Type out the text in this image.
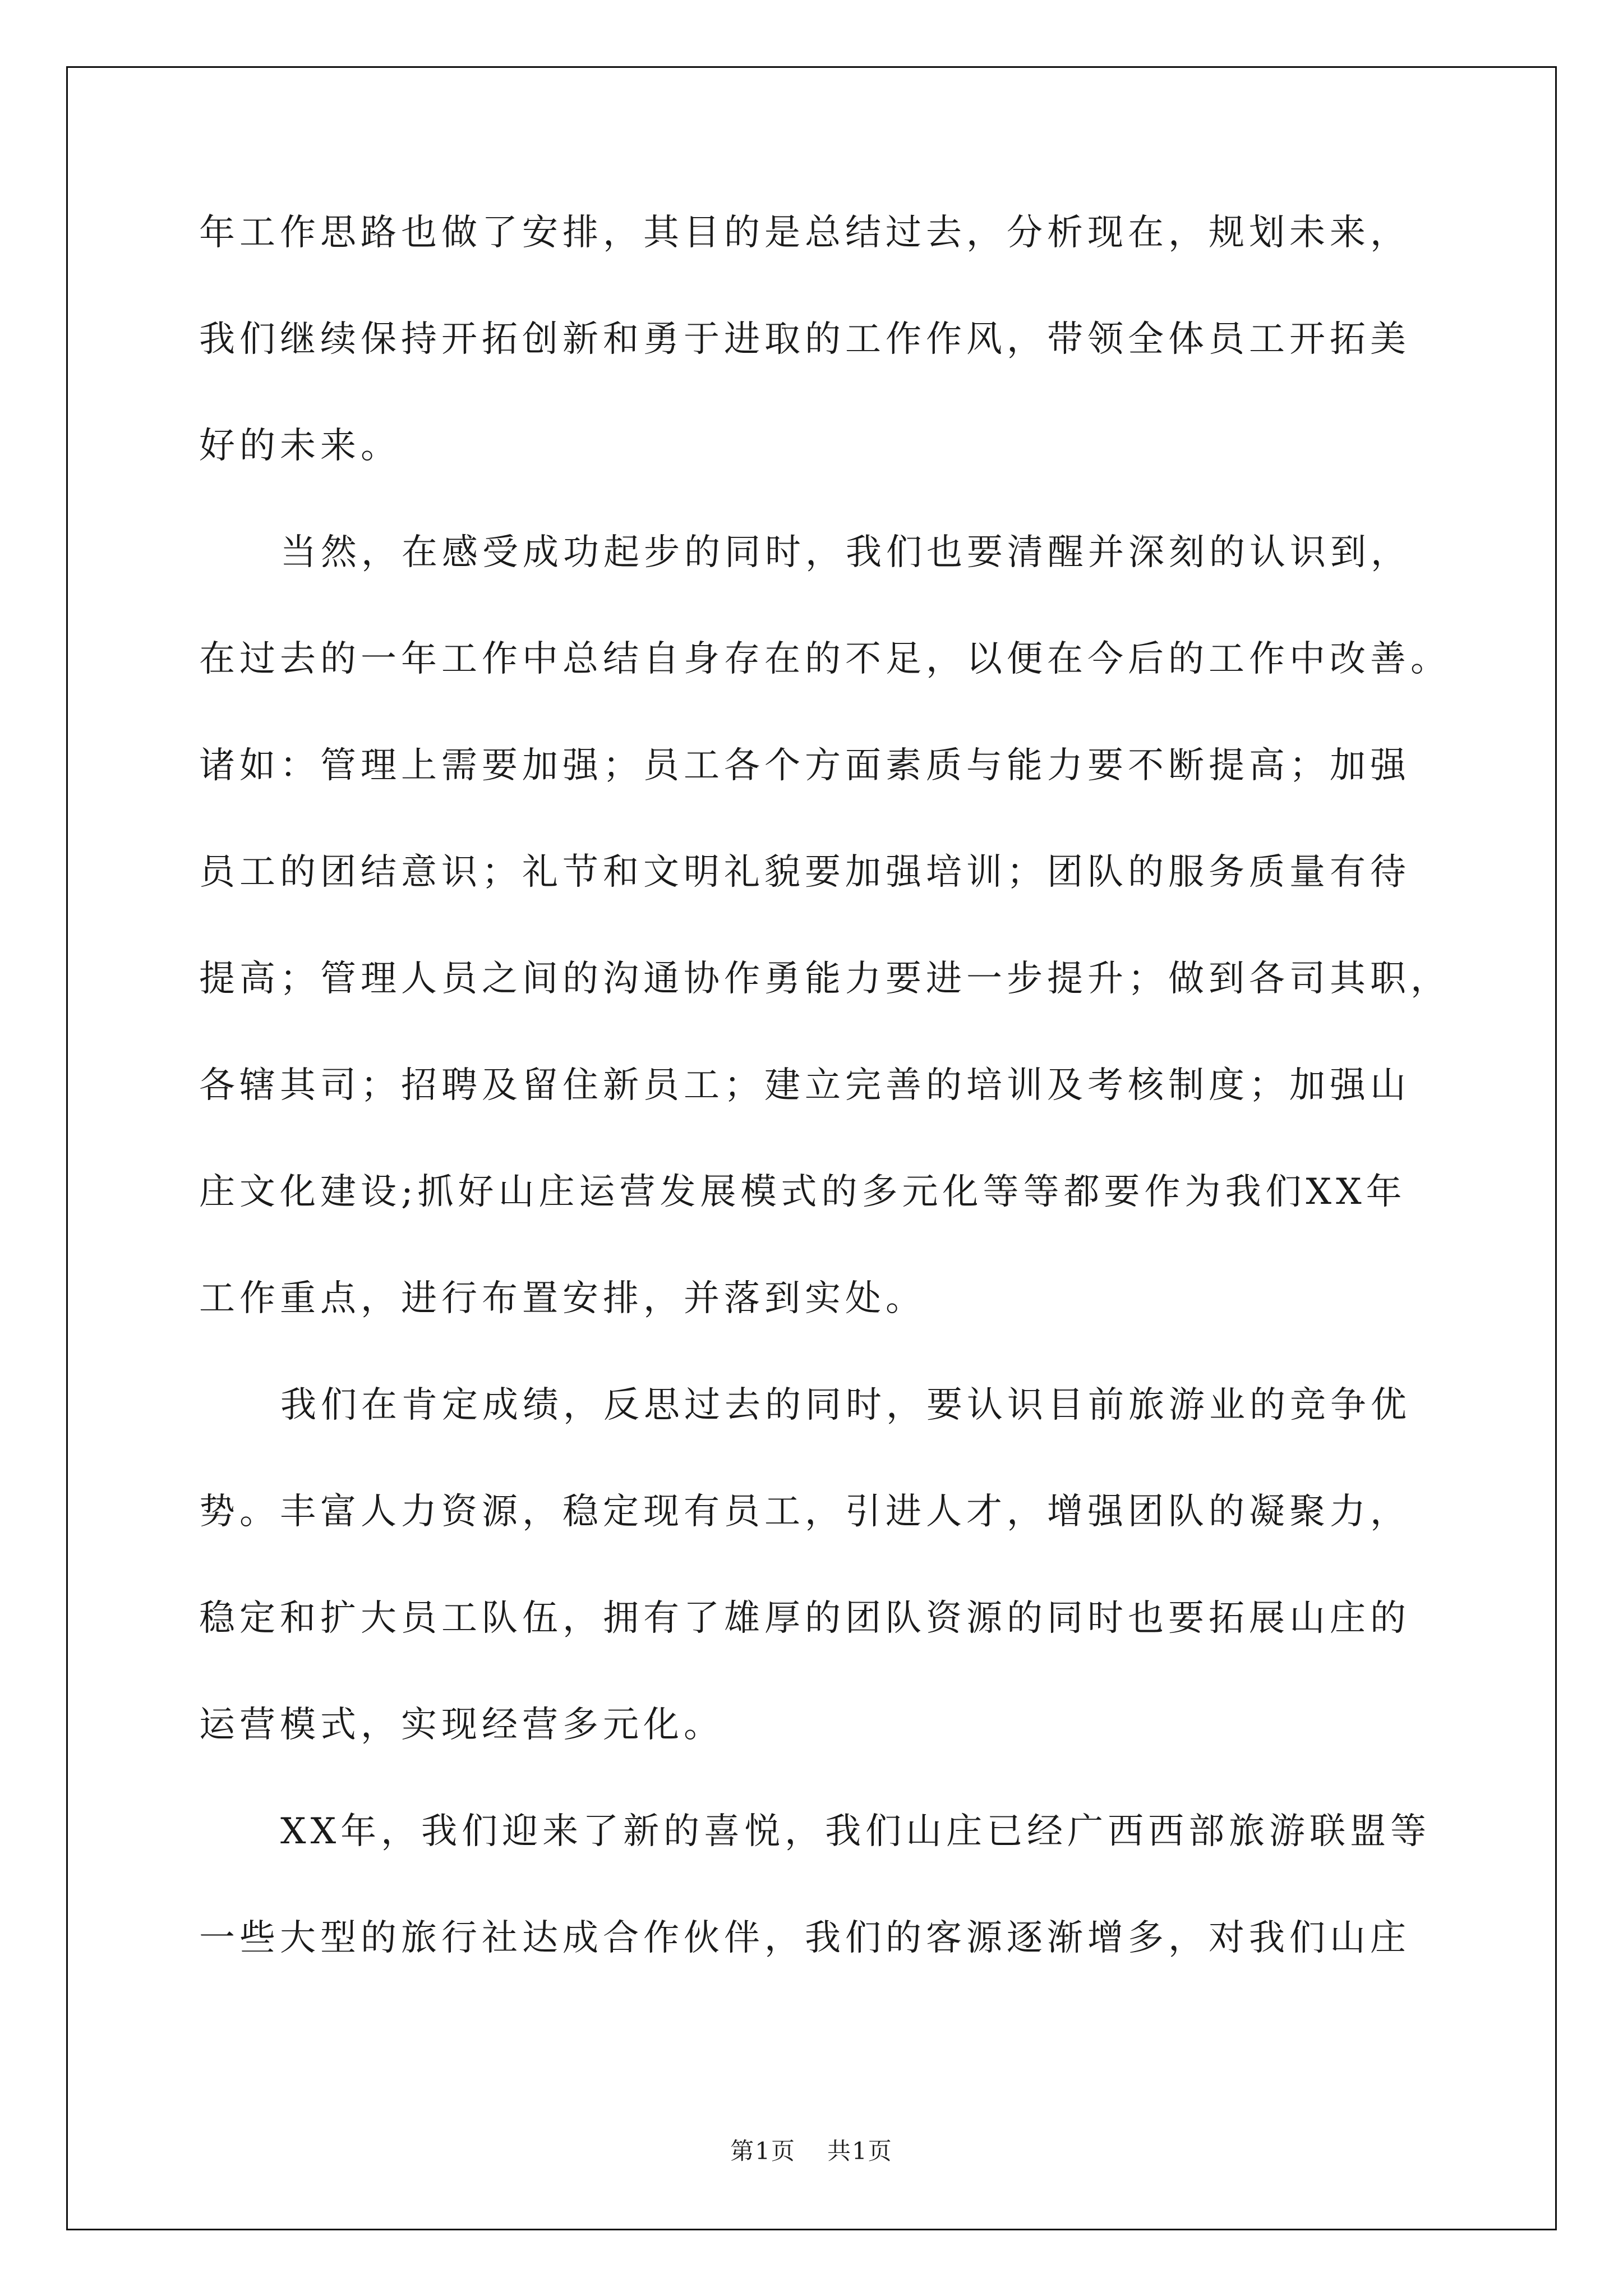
年工作思路也做了安排，其目的是总结过去，分析现在，规划未来，
我们继续保持开拓创新和勇于进取的工作作风，带领全体员工开拓美
好的未来。
当然，在感受成功起步的同时，我们也要清醒并深刻的认识到，
在过去的一年工作中总结自身存在的不足，以便在今后的工作中改善。
诸如：管理上需要加强；员工各个方面素质与能力要不断提高；加强
员工的团结意识；礼节和文明礼貌要加强培训；团队的服务质量有待
提高；管理人员之间的沟通协作勇能力要进一步提升；做到各司其职，
各辖其司；招聘及留住新员工；建立完善的培训及考核制度；加强山
庄文化建设;抓好山庄运营发展模式的多元化等等都要作为我们XX年
工作重点，进行布置安排，并落到实处。
我们在肯定成绩，反思过去的同时，要认识目前旅游业的竞争优
势。丰富人力资源，稳定现有员工，引进人才，增强团队的凝聚力，
稳定和扩大员工队伍，拥有了雄厚的团队资源的同时也要拓展山庄的
运营模式，实现经营多元化。
XX年，我们迎来了新的喜悦，我们山庄已经广西西部旅游联盟等
一些大型的旅行社达成合作伙伴，我们的客源逐渐增多，对我们山庄
第1页 共1页
